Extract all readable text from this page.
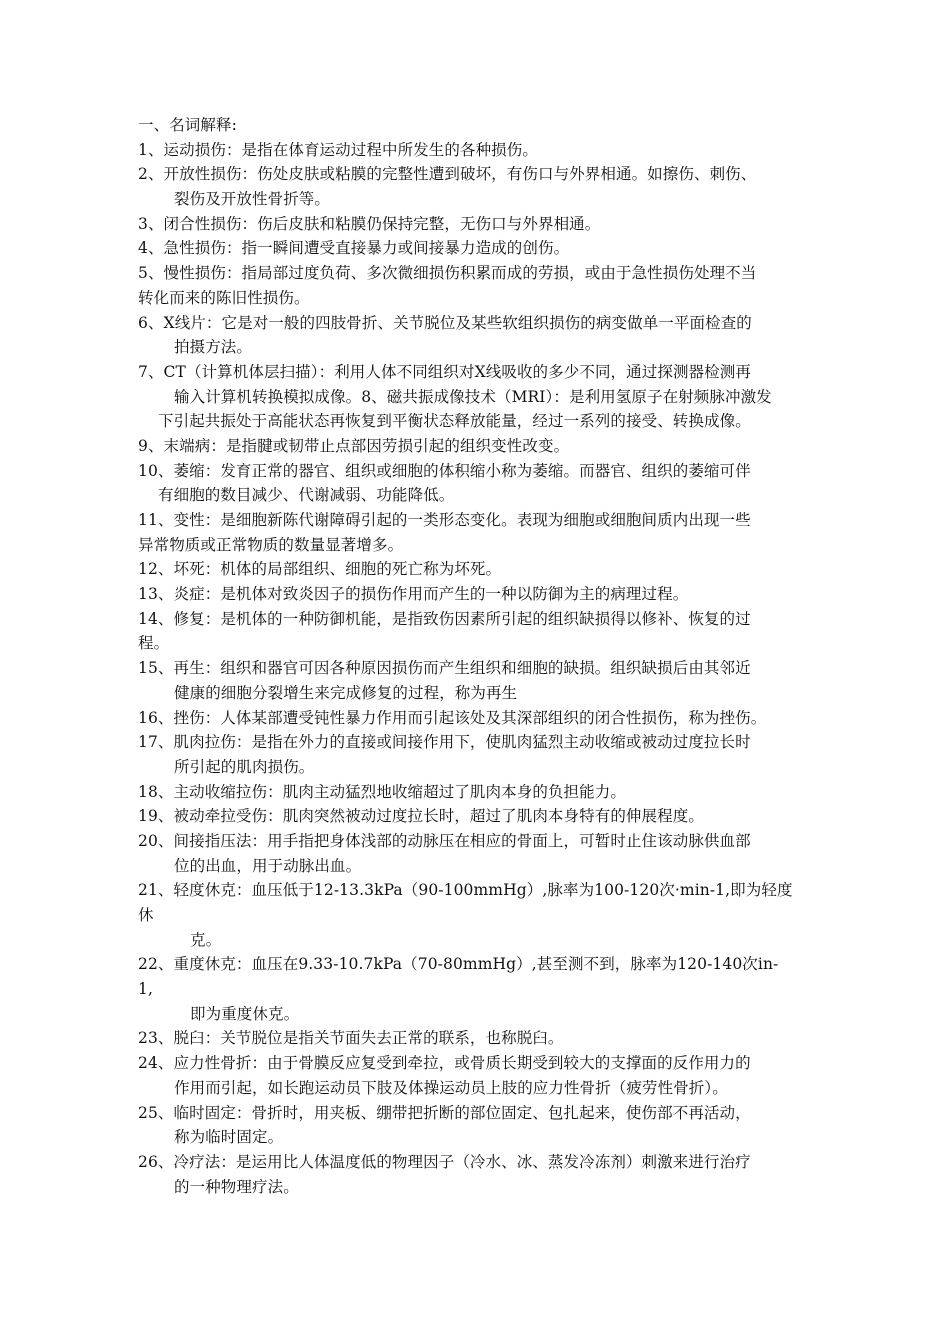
一、名词解释:
1、运动损伤：是指在体育运动过程中所发生的各种损伤。
2、开放性损伤：伤处皮肤或粘膜的完整性遭到破坏，有伤口与外界相通。如擦伤、刺伤、
裂伤及开放性骨折等。
3、闭合性损伤：伤后皮肤和粘膜仍保持完整，无伤口与外界相通。
4、急性损伤：指一瞬间遭受直接暴力或间接暴力造成的创伤。
5、慢性损伤：指局部过度负荷、多次微细损伤积累而成的劳损，或由于急性损伤处理不当
转化而来的陈旧性损伤。
6、X线片：它是对一般的四肢骨折、关节脱位及某些软组织损伤的病变做单一平面检查的
拍摄方法。
7、CT（计算机体层扫描）：利用人体不同组织对X线吸收的多少不同，通过探测器检测再
输入计算机转换模拟成像。8、磁共振成像技术（MRI）：是利用氢原子在射频脉冲激发
下引起共振处于高能状态再恢复到平衡状态释放能量，经过一系列的接受、转换成像。
9、末端病：是指腱或韧带止点部因劳损引起的组织变性改变。
10、萎缩：发育正常的器官、组织或细胞的体积缩小称为萎缩。而器官、组织的萎缩可伴
有细胞的数目减少、代谢减弱、功能降低。
11、变性：是细胞新陈代谢障碍引起的一类形态变化。表现为细胞或细胞间质内出现一些
异常物质或正常物质的数量显著增多。
12、坏死：机体的局部组织、细胞的死亡称为坏死。
13、炎症：是机体对致炎因子的损伤作用而产生的一种以防御为主的病理过程。
14、修复：是机体的一种防御机能，是指致伤因素所引起的组织缺损得以修补、恢复的过
程。
15、再生：组织和器官可因各种原因损伤而产生组织和细胞的缺损。组织缺损后由其邻近
健康的细胞分裂增生来完成修复的过程，称为再生
16、挫伤：人体某部遭受钝性暴力作用而引起该处及其深部组织的闭合性损伤，称为挫伤。
17、肌肉拉伤：是指在外力的直接或间接作用下，使肌肉猛烈主动收缩或被动过度拉长时
所引起的肌肉损伤。
18、主动收缩拉伤：肌肉主动猛烈地收缩超过了肌肉本身的负担能力。
19、被动牵拉受伤：肌肉突然被动过度拉长时，超过了肌肉本身特有的伸展程度。
20、间接指压法：用手指把身体浅部的动脉压在相应的骨面上，可暂时止住该动脉供血部
位的出血，用于动脉出血。
21、轻度休克：血压低于12-13.3kPa（90-100mmHg）,脉率为100-120次·min-1,即为轻度
休
克。
22、重度休克：血压在9.33-10.7kPa（70-80mmHg）,甚至测不到，脉率为120-140次in-
1,
即为重度休克。
23、脱臼：关节脱位是指关节面失去正常的联系，也称脱臼。
24、应力性骨折：由于骨膜反应复受到牵拉，或骨质长期受到较大的支撑面的反作用力的
作用而引起，如长跑运动员下肢及体操运动员上肢的应力性骨折（疲劳性骨折）。
25、临时固定：骨折时，用夹板、绷带把折断的部位固定、包扎起来，使伤部不再活动，
称为临时固定。
26、冷疗法：是运用比人体温度低的物理因子（冷水、冰、蒸发冷冻剂）刺激来进行治疗
的一种物理疗法。
